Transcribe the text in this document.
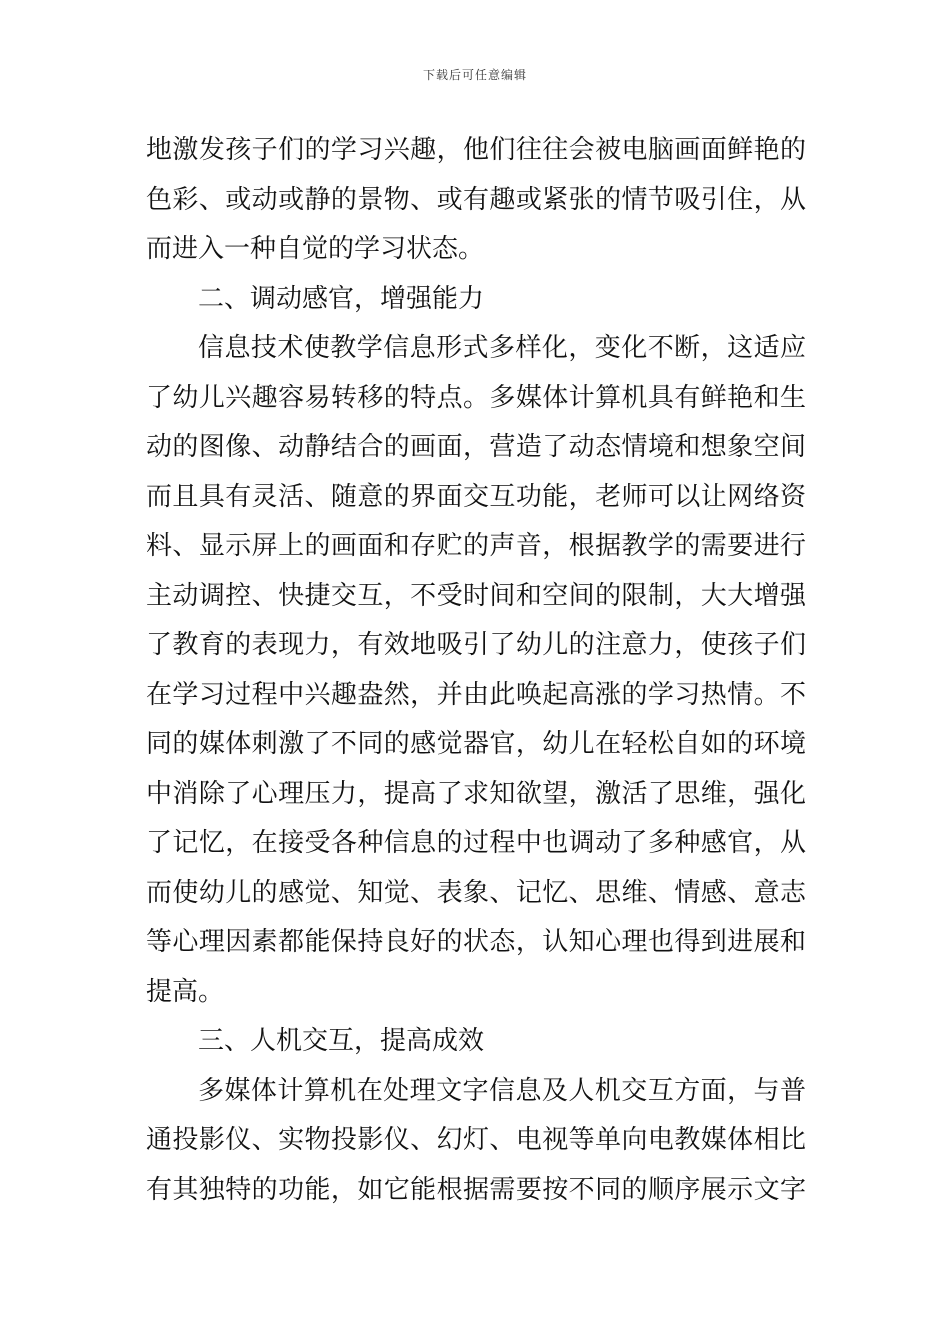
下载后可任意编辑
地激发孩子们的学习兴趣，他们往往会被电脑画面鲜艳的
色彩、或动或静的景物、或有趣或紧张的情节吸引住，从
而进入一种自觉的学习状态。
二、调动感官，增强能力
信息技术使教学信息形式多样化，变化不断，这适应
了幼儿兴趣容易转移的特点。多媒体计算机具有鲜艳和生
动的图像、动静结合的画面，营造了动态情境和想象空间
而且具有灵活、随意的界面交互功能，老师可以让网络资
料、显示屏上的画面和存贮的声音，根据教学的需要进行
主动调控、快捷交互，不受时间和空间的限制，大大增强
了教育的表现力，有效地吸引了幼儿的注意力，使孩子们
在学习过程中兴趣盎然，并由此唤起高涨的学习热情。不
同的媒体刺激了不同的感觉器官，幼儿在轻松自如的环境
中消除了心理压力，提高了求知欲望，激活了思维，强化
了记忆，在接受各种信息的过程中也调动了多种感官，从
而使幼儿的感觉、知觉、表象、记忆、思维、情感、意志
等心理因素都能保持良好的状态，认知心理也得到进展和
提高。
三、人机交互，提高成效
多媒体计算机在处理文字信息及人机交互方面，与普
通投影仪、实物投影仪、幻灯、电视等单向电教媒体相比
有其独特的功能，如它能根据需要按不同的顺序展示文字
